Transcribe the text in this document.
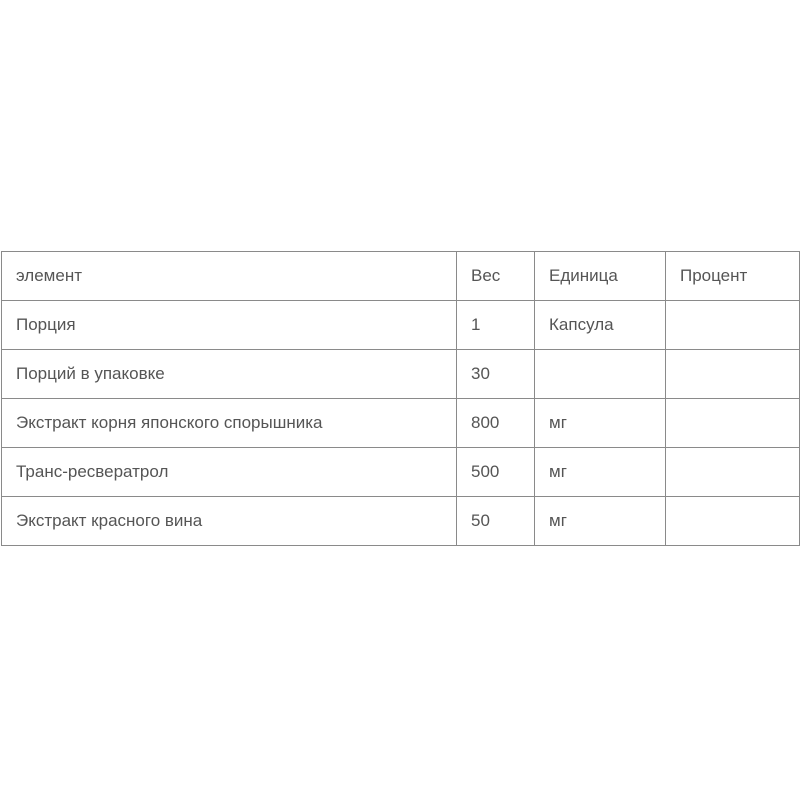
элемент	Вес	Единица	Процент
Порция	1	Капсула	
Порций в упаковке	30		
Экстракт корня японского спорышника	800	мг	
Транс-ресвератрол	500	мг	
Экстракт красного вина	50	мг	
